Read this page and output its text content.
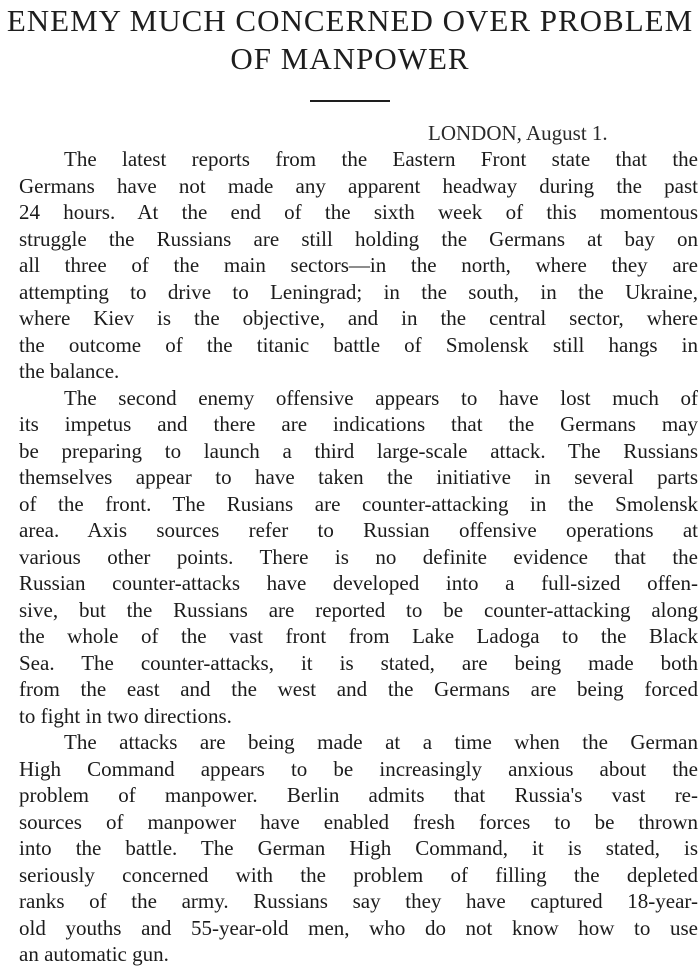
ENEMY MUCH CONCERNED OVER PROBLEM
OF MANPOWER
LONDON, August 1.

The latest reports from the Eastern Front state that the
Germans have not made any apparent headway during the past
24 hours. At the end of the sixth week of this momentous
struggle the Russians are still holding the Germans at bay on
all three of the main sectors—in the north, where they are
attempting to drive to Leningrad; in the south, in the Ukraine,
where Kiev is the objective, and in the central sector, where
the outcome of the titanic battle of Smolensk still hangs in
the balance.

The second enemy offensive appears to have lost much of
its impetus and there are indications that the Germans may
be preparing to launch a third large-scale attack. The Russians
themselves appear to have taken the initiative in several parts
of the front. The Rusians are counter-attacking in the Smolensk
area. Axis sources refer to Russian offensive operations at
various other points. There is no definite evidence that the
Russian counter-attacks have developed into a full-sized offen-
sive, but the Russians are reported to be counter-attacking along
the whole of the vast front from Lake Ladoga to the Black
Sea. The counter-attacks, it is stated, are being made both
from the east and the west and the Germans are being forced
to fight in two directions.

The attacks are being made at a time when the German
High Command appears to be increasingly anxious about the
problem of manpower. Berlin admits that Russia's vast re-
sources of manpower have enabled fresh forces to be thrown
into the battle. The German High Command, it is stated, is
seriously concerned with the problem of filling the depleted
ranks of the army. Russians say they have captured 18-year-
old youths and 55-year-old men, who do not know how to use
an automatic gun.
